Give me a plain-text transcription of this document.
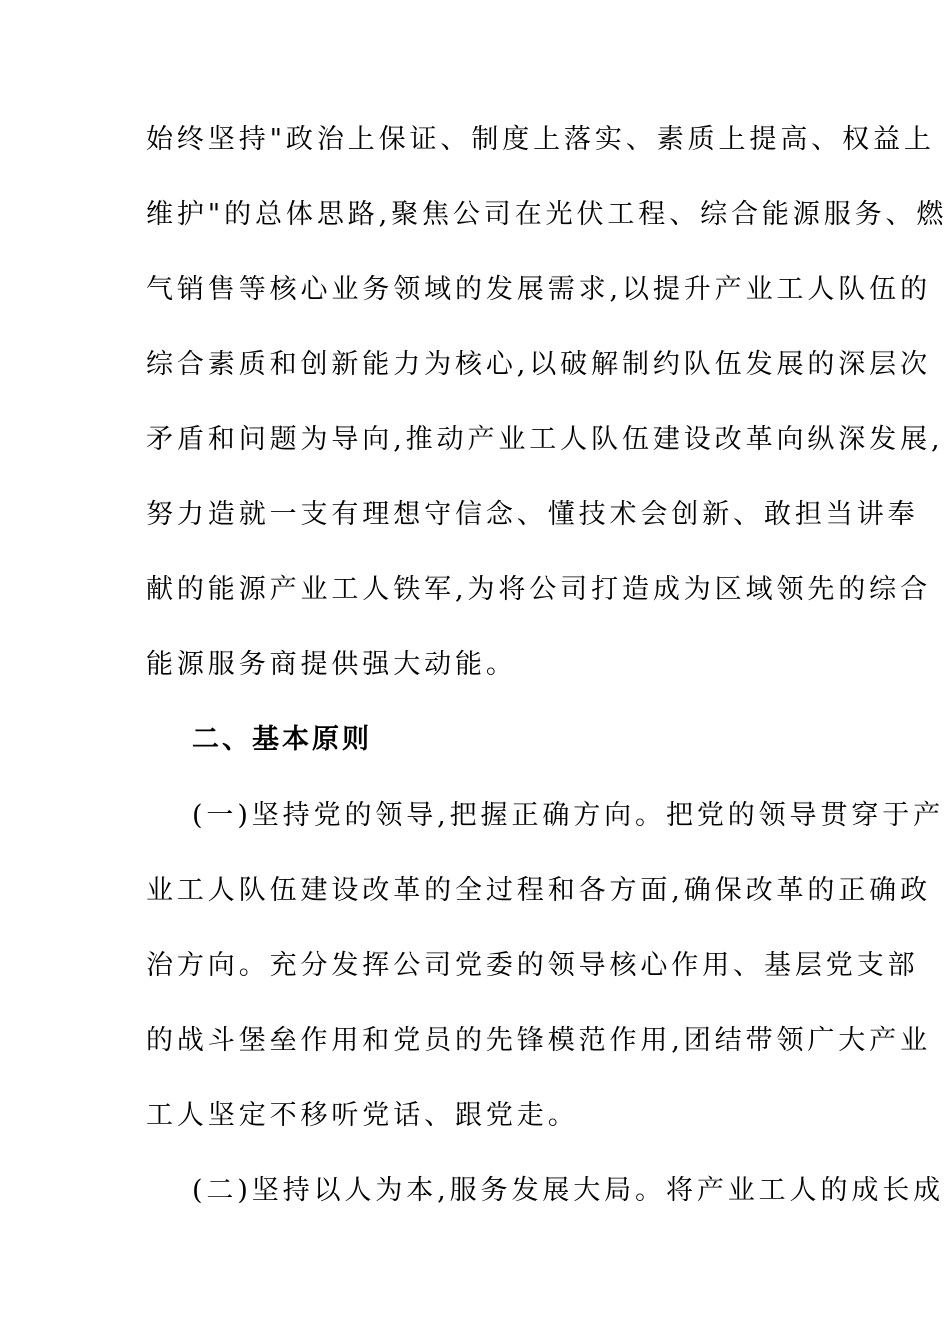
始终坚持"政治上保证、制度上落实、素质上提高、权益上
维护"的总体思路,聚焦公司在光伏工程、综合能源服务、燃
气销售等核心业务领域的发展需求,以提升产业工人队伍的
综合素质和创新能力为核心,以破解制约队伍发展的深层次
矛盾和问题为导向,推动产业工人队伍建设改革向纵深发展,
努力造就一支有理想守信念、懂技术会创新、敢担当讲奉
献的能源产业工人铁军,为将公司打造成为区域领先的综合
能源服务商提供强大动能。
二、基本原则
(一)坚持党的领导,把握正确方向。把党的领导贯穿于产
业工人队伍建设改革的全过程和各方面,确保改革的正确政
治方向。充分发挥公司党委的领导核心作用、基层党支部
的战斗堡垒作用和党员的先锋模范作用,团结带领广大产业
工人坚定不移听党话、跟党走。
(二)坚持以人为本,服务发展大局。将产业工人的成长成
